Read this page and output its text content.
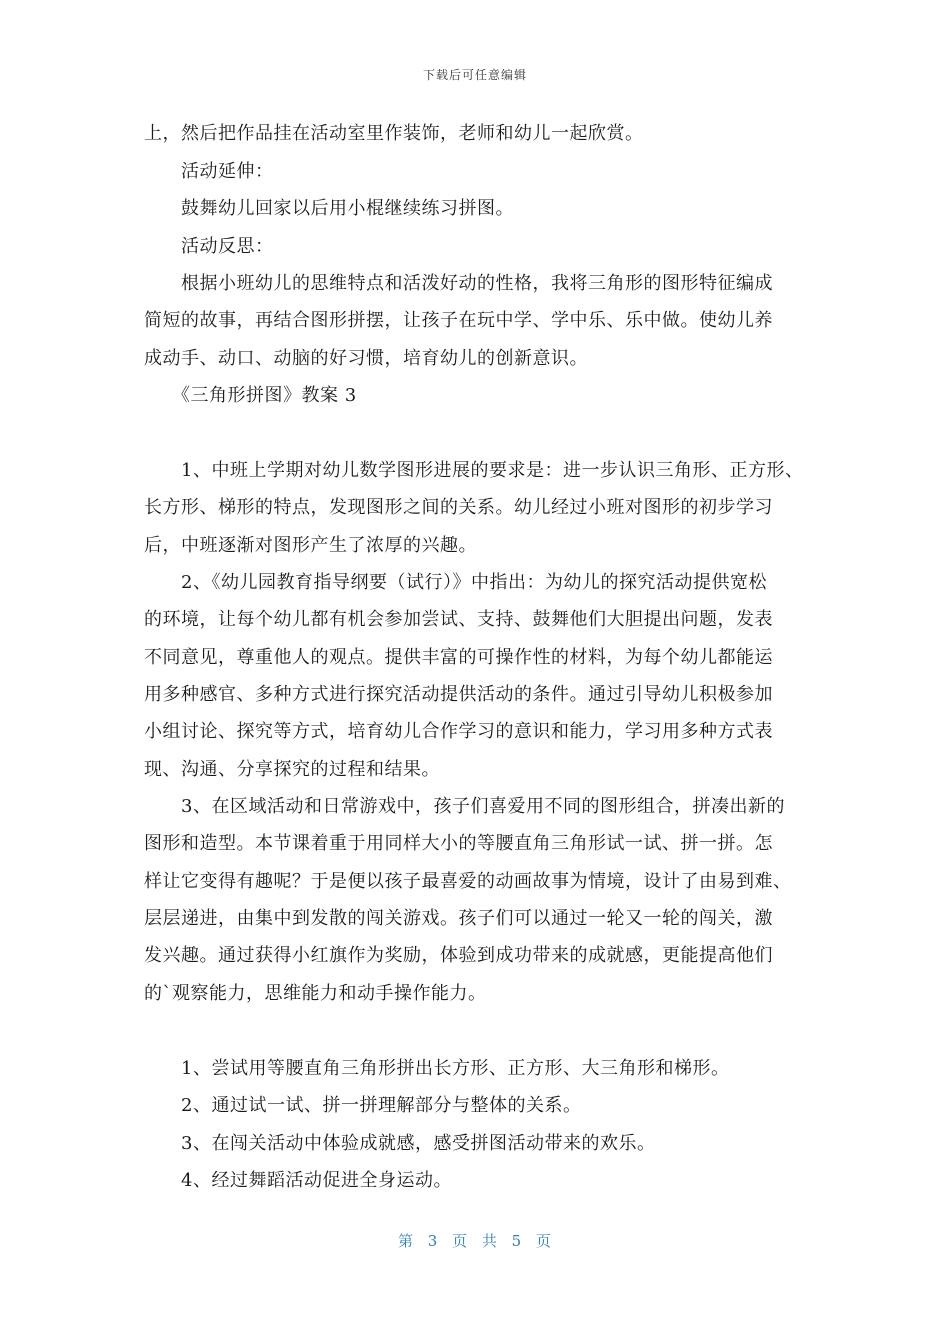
下载后可任意编辑
上，然后把作品挂在活动室里作装饰，老师和幼儿一起欣赏。
　　活动延伸：
　　鼓舞幼儿回家以后用小棍继续练习拼图。
　　活动反思：
　　根据小班幼儿的思维特点和活泼好动的性格，我将三角形的图形特征编成
简短的故事，再结合图形拼摆，让孩子在玩中学、学中乐、乐中做。使幼儿养
成动手、动口、动脑的好习惯，培育幼儿的创新意识。
　　《三角形拼图》教案 3
　　1、中班上学期对幼儿数学图形进展的要求是：进一步认识三角形、正方形、
长方形、梯形的特点，发现图形之间的关系。幼儿经过小班对图形的初步学习
后，中班逐渐对图形产生了浓厚的兴趣。
　　2、《幼儿园教育指导纲要（试行）》中指出：为幼儿的探究活动提供宽松
的环境，让每个幼儿都有机会参加尝试、支持、鼓舞他们大胆提出问题，发表
不同意见，尊重他人的观点。提供丰富的可操作性的材料，为每个幼儿都能运
用多种感官、多种方式进行探究活动提供活动的条件。通过引导幼儿积极参加
小组讨论、探究等方式，培育幼儿合作学习的意识和能力，学习用多种方式表
现、沟通、分享探究的过程和结果。
　　3、在区域活动和日常游戏中，孩子们喜爱用不同的图形组合，拼凑出新的
图形和造型。本节课着重于用同样大小的等腰直角三角形试一试、拼一拼。怎
样让它变得有趣呢？于是便以孩子最喜爱的动画故事为情境，设计了由易到难、
层层递进，由集中到发散的闯关游戏。孩子们可以通过一轮又一轮的闯关，激
发兴趣。通过获得小红旗作为奖励，体验到成功带来的成就感，更能提高他们
的`观察能力，思维能力和动手操作能力。
　　1、尝试用等腰直角三角形拼出长方形、正方形、大三角形和梯形。
　　2、通过试一试、拼一拼理解部分与整体的关系。
　　3、在闯关活动中体验成就感，感受拼图活动带来的欢乐。
　　4、经过舞蹈活动促进全身运动。
第 3 页 共 5 页
